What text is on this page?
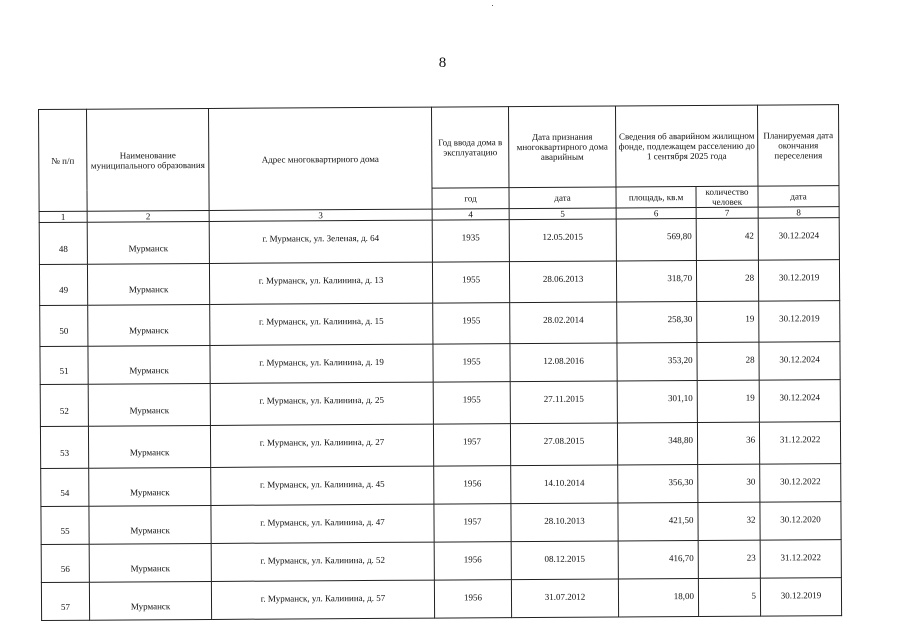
8
№ п/п	Наименование муниципального образования	Адрес многоквартирного дома	Год ввода дома в эксплуатацию	Дата признания многоквартирного дома аварийным	Сведения об аварийном жилищном фонде, подлежащем расселению до 1 сентября 2025 года		Планируемая дата окончания переселения
			год	дата	площадь, кв.м	количество человек	дата
1	2	3	4	5	6	7	8
48	Мурманск	г. Мурманск, ул. Зеленая, д. 64	1935	12.05.2015	569,80	42	30.12.2024
49	Мурманск	г. Мурманск, ул. Калинина, д. 13	1955	28.06.2013	318,70	28	30.12.2019
50	Мурманск	г. Мурманск, ул. Калинина, д. 15	1955	28.02.2014	258,30	19	30.12.2019
51	Мурманск	г. Мурманск, ул. Калинина, д. 19	1955	12.08.2016	353,20	28	30.12.2024
52	Мурманск	г. Мурманск, ул. Калинина, д. 25	1955	27.11.2015	301,10	19	30.12.2024
53	Мурманск	г. Мурманск, ул. Калинина, д. 27	1957	27.08.2015	348,80	36	31.12.2022
54	Мурманск	г. Мурманск, ул. Калинина, д. 45	1956	14.10.2014	356,30	30	30.12.2022
55	Мурманск	г. Мурманск, ул. Калинина, д. 47	1957	28.10.2013	421,50	32	30.12.2020
56	Мурманск	г. Мурманск, ул. Калинина, д. 52	1956	08.12.2015	416,70	23	31.12.2022
57	Мурманск	г. Мурманск, ул. Калинина, д. 57	1956	31.07.2012	18,00	5	30.12.2019
